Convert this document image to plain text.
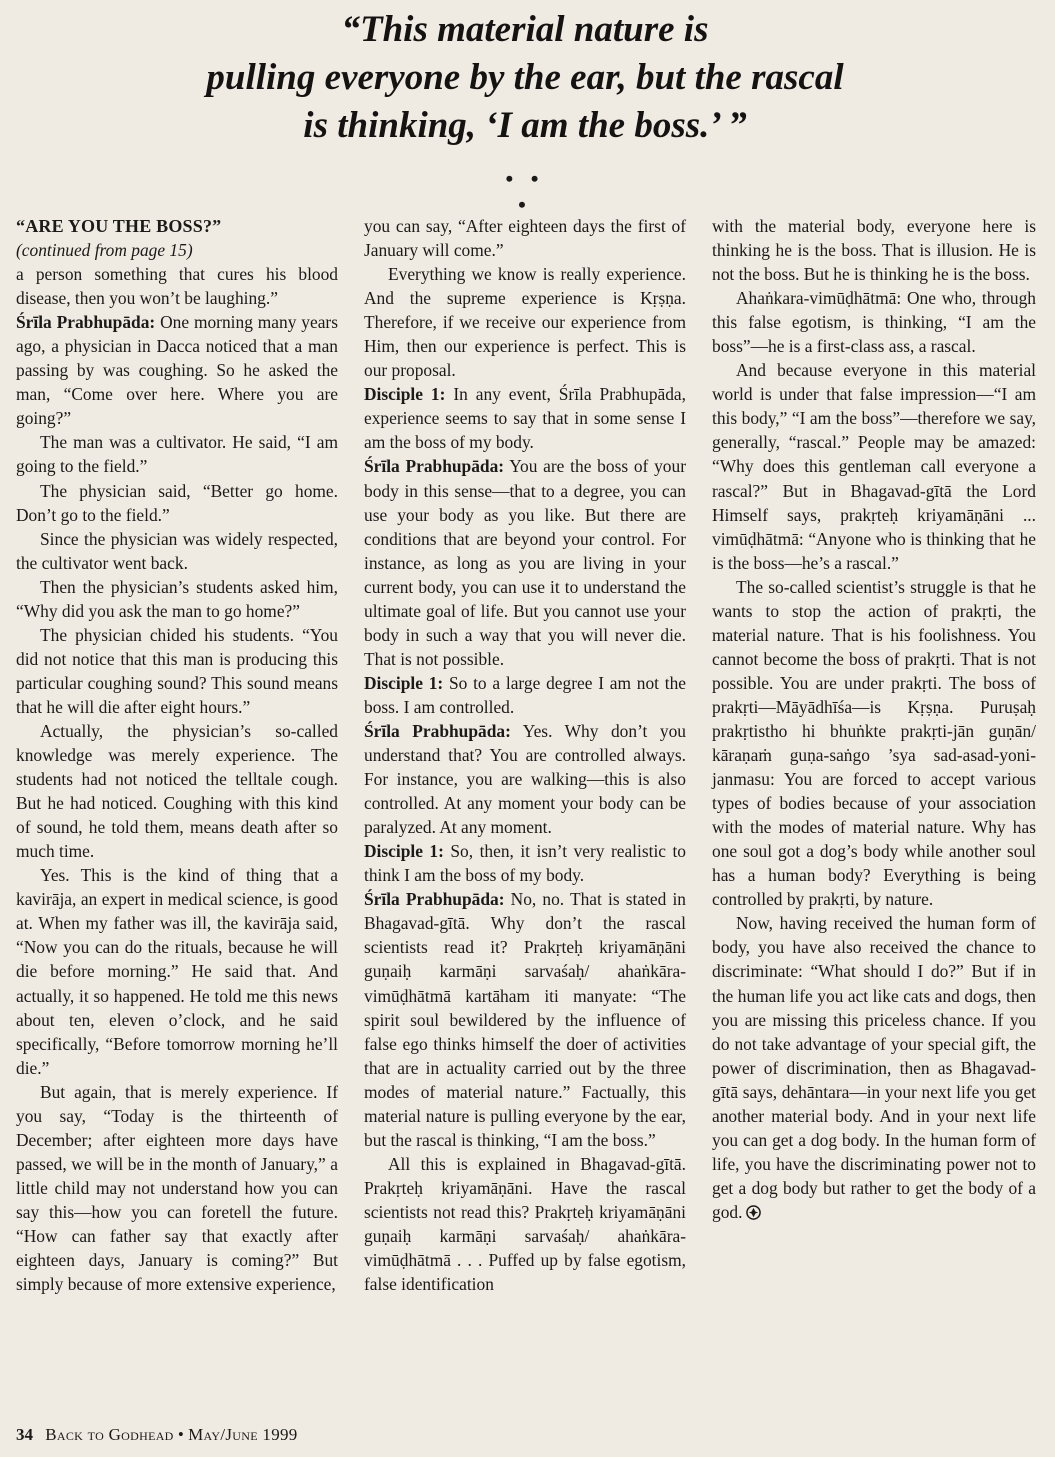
“This material nature is
pulling everyone by the ear, but the rascal
is thinking, ‘I am the boss.’ ”
• • •

“ARE YOU THE BOSS?”

(continued from page 15)

a person something that cures his blood disease, then you won’t be laughing.”

Śrīla Prabhupāda: One morning many years ago, a physician in Dacca noticed that a man passing by was coughing. So he asked the man, “Come over here. Where you are going?”

The man was a cultivator. He said, “I am going to the field.”

The physician said, “Better go home. Don’t go to the field.”

Since the physician was widely respected, the cultivator went back.

Then the physician’s students asked him, “Why did you ask the man to go home?”

The physician chided his students. “You did not notice that this man is producing this particular coughing sound? This sound means that he will die after eight hours.”

Actually, the physician’s so-called knowledge was merely experience. The students had not noticed the telltale cough. But he had noticed. Coughing with this kind of sound, he told them, means death after so much time.

Yes. This is the kind of thing that a kavirāja, an expert in medical science, is good at. When my father was ill, the kavirāja said, “Now you can do the rituals, because he will die before morning.” He said that. And actually, it so happened. He told me this news about ten, eleven o’clock, and he said specifically, “Before tomorrow morning he’ll die.”

But again, that is merely experience. If you say, “Today is the thirteenth of December; after eighteen more days have passed, we will be in the month of January,” a little child may not understand how you can say this—how you can foretell the future. “How can father say that exactly after eighteen days, January is coming?” But simply because of more extensive experience,

you can say, “After eighteen days the first of January will come.”

Everything we know is really experience. And the supreme experience is Kṛṣṇa. Therefore, if we receive our experience from Him, then our experience is perfect. This is our proposal.

Disciple 1: In any event, Śrīla Prabhupāda, experience seems to say that in some sense I am the boss of my body.

Śrīla Prabhupāda: You are the boss of your body in this sense—that to a degree, you can use your body as you like. But there are conditions that are beyond your control. For instance, as long as you are living in your current body, you can use it to understand the ultimate goal of life. But you cannot use your body in such a way that you will never die. That is not possible.

Disciple 1: So to a large degree I am not the boss. I am controlled.

Śrīla Prabhupāda: Yes. Why don’t you understand that? You are controlled always. For instance, you are walking—this is also controlled. At any moment your body can be paralyzed. At any moment.

Disciple 1: So, then, it isn’t very realistic to think I am the boss of my body.

Śrīla Prabhupāda: No, no. That is stated in Bhagavad-gītā. Why don’t the rascal scientists read it? Prakṛteḥ kriyamāṇāni guṇaiḥ karmāṇi sarvaśaḥ/ ahaṅkāra-vimūḍhātmā kartāham iti manyate: “The spirit soul bewildered by the influence of false ego thinks himself the doer of activities that are in actuality carried out by the three modes of material nature.” Factually, this material nature is pulling everyone by the ear, but the rascal is thinking, “I am the boss.”

All this is explained in Bhagavad-gītā. Prakṛteḥ kriyamāṇāni. Have the rascal scientists not read this? Prakṛteḥ kriyamāṇāni guṇaiḥ karmāṇi sarvaśaḥ/ ahaṅkāra-vimūḍhātmā . . . Puffed up by false egotism, false identification

with the material body, everyone here is thinking he is the boss. That is illusion. He is not the boss. But he is thinking he is the boss.

Ahaṅkara-vimūḍhātmā: One who, through this false egotism, is thinking, “I am the boss”—he is a first-class ass, a rascal.

And because everyone in this material world is under that false impression—“I am this body,” “I am the boss”—therefore we say, generally, “rascal.” People may be amazed: “Why does this gentleman call everyone a rascal?” But in Bhagavad-gītā the Lord Himself says, prakṛteḥ kriyamāṇāni ... vimūḍhātmā: “Anyone who is thinking that he is the boss—he’s a rascal.”

The so-called scientist’s struggle is that he wants to stop the action of prakṛti, the material nature. That is his foolishness. You cannot become the boss of prakṛti. That is not possible. You are under prakṛti. The boss of prakṛti—Māyādhīśa—is Kṛṣṇa. Puruṣaḥ prakṛtistho hi bhuṅkte prakṛti-jān guṇān/ kāraṇaṁ guṇa-saṅgo ’sya sad-asad-yoni-janmasu: You are forced to accept various types of bodies because of your association with the modes of material nature. Why has one soul got a dog’s body while another soul has a human body? Everything is being controlled by prakṛti, by nature.

Now, having received the human form of body, you have also received the chance to discriminate: “What should I do?” But if in the human life you act like cats and dogs, then you are missing this priceless chance. If you do not take advantage of your special gift, the power of discrimination, then as Bhagavad-gītā says, dehāntara—in your next life you get another material body. And in your next life you can get a dog body. In the human form of life, you have the discriminating power not to get a dog body but rather to get the body of a god.

34 Back to Godhead • May/June 1999
